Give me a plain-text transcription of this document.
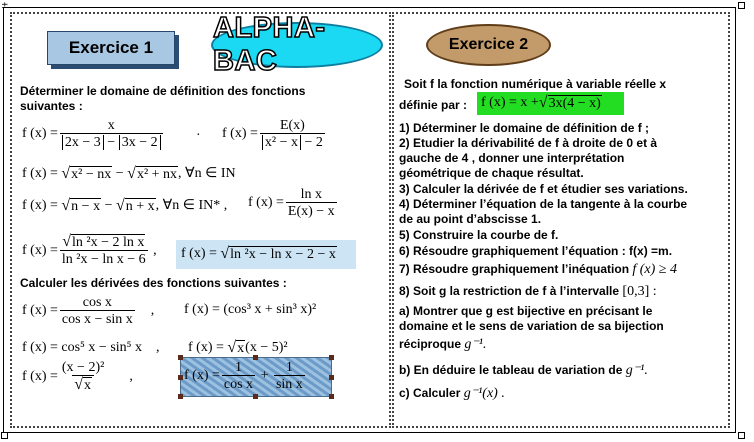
±
Exercice 1
ALPHA-BAC
Exercice 2
Déterminer le domaine de définition des fonctions
suivantes :
f $(x) = \frac{x}{2x - 3 - 3x - 2} \cdot f$ $(x) = \frac{E(x)}{\text{x² − x − 2}}$
f (x) =
√ x² − nx
−
√ x² + nx , ∀n ∈ IN
f (x) =
√ n − x
−
√ n + x , ∀n ∈ IN*
, f $(x) = \frac{\text{ln x}}{E(x) - x}$
f $(x) = \frac{\text{√ ln ²x − 2 ln x}}{\text{ln ²x − ln x − 6}}$
, f (x) =
√ ln ²x − ln x − 2 − x
Calculer les dérivées des fonctions suivantes :
f $(x) = \frac{\text{cos x}}{\text{cos x − sin x}}$
, f (x) =
(cos³ x + sin³ x)²
f (x) = cos⁵ x − sin⁵ x
, f (x) =
√ x (x − 5)²
f $(x) = \frac{\text{(x − 2)²}}{√ x}$
,	f $(x) = \frac{1}{\text{cos x}}$
+
$\frac{1}{\text{sin x}}$
Soit f la fonction numérique à variable réelle x
définie par : f (x) = x + √ 3x(4 − x)
1) Déterminer le domaine de définition de f ;
2) Etudier la dérivabilité de f à droite de 0 et à
gauche de 4 , donner une interprétation
géométrique de chaque résultat.
3) Calculer la dérivée de f et étudier ses variations.
4) Déterminer l’équation de la tangente à la courbe
de au point d’abscisse 1.
5) Construire la courbe de f.
6) Résoudre graphiquement l’équation : f(x) =m.
7) Résoudre graphiquement l’inéquation f (x) ≥ 4
8) Soit g la restriction de f à l’intervalle [0,3] :
a) Montrer que g est bijective en précisant le
domaine et le sens de variation de sa bijection
réciproque g⁻¹.
b) En déduire le tableau de variation de g⁻¹.
c) Calculer g⁻¹(x) .
